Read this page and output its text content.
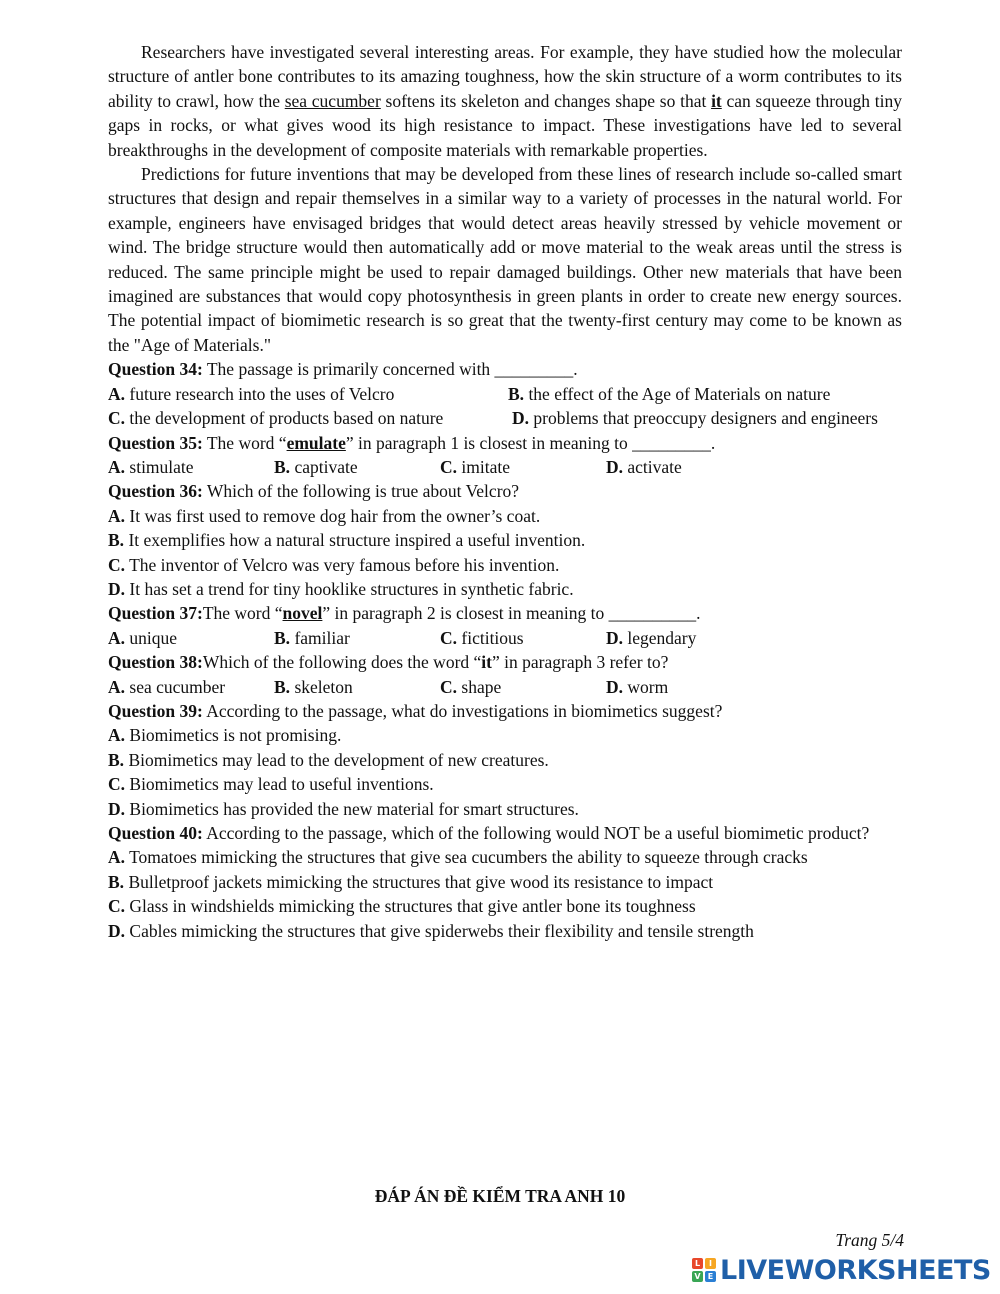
Researchers have investigated several interesting areas. For example, they have studied how the molecular structure of antler bone contributes to its amazing toughness, how the skin structure of a worm contributes to its ability to crawl, how the sea cucumber softens its skeleton and changes shape so that it can squeeze through tiny gaps in rocks, or what gives wood its high resistance to impact. These investigations have led to several breakthroughs in the development of composite materials with remarkable properties.

Predictions for future inventions that may be developed from these lines of research include so-called smart structures that design and repair themselves in a similar way to a variety of processes in the natural world. For example, engineers have envisaged bridges that would detect areas heavily stressed by vehicle movement or wind. The bridge structure would then automatically add or move material to the weak areas until the stress is reduced. The same principle might be used to repair damaged buildings. Other new materials that have been imagined are substances that would copy photosynthesis in green plants in order to create new energy sources. The potential impact of biomimetic research is so great that the twenty-first century may come to be known as the "Age of Materials."

Question 34: The passage is primarily concerned with _________.

A. future research into the uses of Velcro	B. the effect of the Age of Materials on nature
C. the development of products based on nature	D. problems that preoccupy designers and engineers

Question 35: The word “emulate” in paragraph 1 is closest in meaning to _________.

A. stimulate	B. captivate	C. imitate	D. activate

Question 36: Which of the following is true about Velcro?

A. It was first used to remove dog hair from the owner’s coat.

B. It exemplifies how a natural structure inspired a useful invention.

C. The inventor of Velcro was very famous before his invention.

D. It has set a trend for tiny hooklike structures in synthetic fabric.

Question 37:The word “novel” in paragraph 2 is closest in meaning to __________.

A. unique	B. familiar	C. fictitious	D. legendary

Question 38:Which of the following does the word “it” in paragraph 3 refer to?

A. sea cucumber	B. skeleton	C. shape	D. worm

Question 39: According to the passage, what do investigations in biomimetics suggest?

A. Biomimetics is not promising.

B. Biomimetics may lead to the development of new creatures.

C. Biomimetics may lead to useful inventions.

D. Biomimetics has provided the new material for smart structures.

Question 40: According to the passage, which of the following would NOT be a useful biomimetic product?

A. Tomatoes mimicking the structures that give sea cucumbers the ability to squeeze through cracks

B. Bulletproof jackets mimicking the structures that give wood its resistance to impact

C. Glass in windshields mimicking the structures that give antler bone its toughness

D. Cables mimicking the structures that give spiderwebs their flexibility and tensile strength

ĐÁP ÁN ĐỀ KIỂM TRA ANH 10
Trang 5/4
L	I
V E LIVEWORKSHEETS
